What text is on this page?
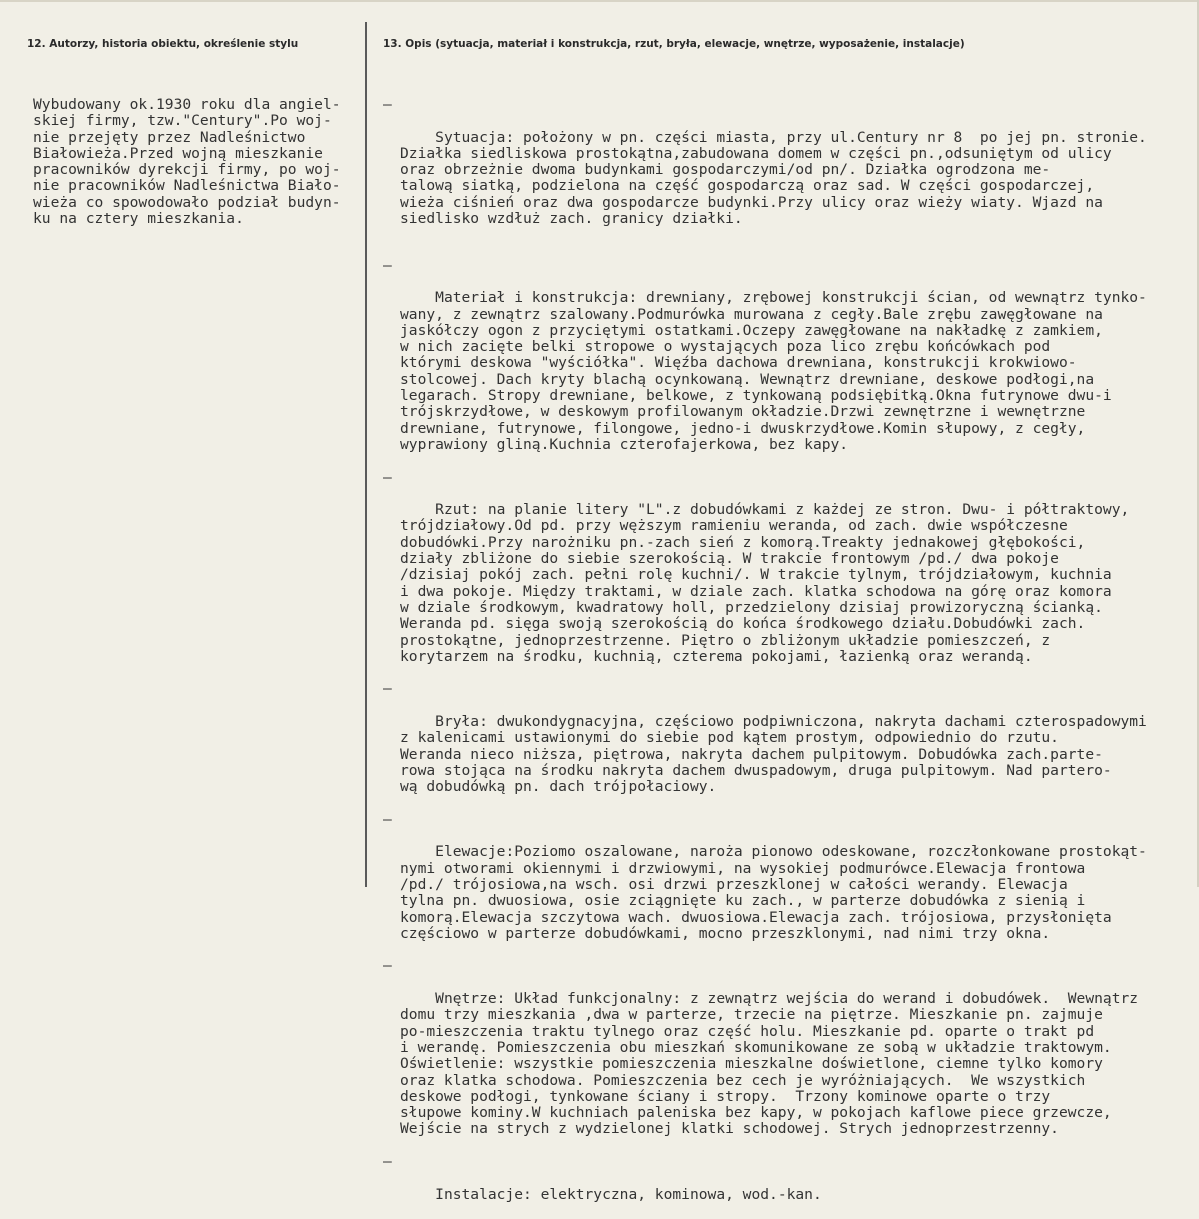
12. Autorzy, historia obiektu, określenie stylu	13. Opis (sytuacja, materiał i konstrukcja, rzut, bryła, elewacje, wnętrze, wyposażenie, instalacje)
Wybudowany ok.1930 roku dla angiel-
skiej firmy, tzw."Century".Po woj-
nie przejęty przez Nadleśnictwo
Białowieża.Przed wojną mieszkanie
pracowników dyrekcji firmy, po woj-
nie pracowników Nadleśnictwa Biało-
wieża co spowodowało podział budyn-
ku na cztery mieszkania.

–

Sytuacja: położony w pn. części miasta, przy ul.Century nr 8  po jej pn. stronie.
Działka siedliskowa prostokątna,zabudowana domem w części pn.,odsuniętym od ulicy
oraz obrzeżnie dwoma budynkami gospodarczymi/od pn/. Działka ogrodzona me-
talową siatką, podzielona na część gospodarczą oraz sad. W części gospodarczej,
wieża ciśnień oraz dwa gospodarcze budynki.Przy ulicy oraz wieży wiaty. Wjazd na
siedlisko wzdłuż zach. granicy działki.

–

Materiał i konstrukcja: drewniany, zrębowej konstrukcji ścian, od wewnątrz tynko-
wany, z zewnątrz szalowany.Podmurówka murowana z cegły.Bale zrębu zawęgłowane na
jaskółczy ogon z przyciętymi ostatkami.Oczepy zawęgłowane na nakładkę z zamkiem,
w nich zacięte belki stropowe o wystających poza lico zrębu końcówkach pod
którymi deskowa "wyściółka". Więźba dachowa drewniana, konstrukcji krokwiowo-
stolcowej. Dach kryty blachą ocynkowaną. Wewnątrz drewniane, deskowe podłogi,na
legarach. Stropy drewniane, belkowe, z tynkowaną podsiębitką.Okna futrynowe dwu-i
trójskrzydłowe, w deskowym profilowanym okładzie.Drzwi zewnętrzne i wewnętrzne
drewniane, futrynowe, filongowe, jedno-i dwuskrzydłowe.Komin słupowy, z cegły,
wyprawiony gliną.Kuchnia czterofajerkowa, bez kapy.

–

Rzut: na planie litery "L".z dobudówkami z każdej ze stron. Dwu- i półtraktowy,
trójdziałowy.Od pd. przy węższym ramieniu weranda, od zach. dwie współczesne
dobudówki.Przy narożniku pn.-zach sień z komorą.Treakty jednakowej głębokości,
działy zbliżone do siebie szerokością. W trakcie frontowym /pd./ dwa pokoje
/dzisiaj pokój zach. pełni rolę kuchni/. W trakcie tylnym, trójdziałowym, kuchnia
i dwa pokoje. Między traktami, w dziale zach. klatka schodowa na górę oraz komora
w dziale środkowym, kwadratowy holl, przedzielony dzisiaj prowizoryczną ścianką.
Weranda pd. sięga swoją szerokością do końca środkowego działu.Dobudówki zach.
prostokątne, jednoprzestrzenne. Piętro o zbliżonym układzie pomieszczeń, z
korytarzem na środku, kuchnią, czterema pokojami, łazienką oraz werandą.

–

Bryła: dwukondygnacyjna, częściowo podpiwniczona, nakryta dachami czterospadowymi
z kalenicami ustawionymi do siebie pod kątem prostym, odpowiednio do rzutu.
Weranda nieco niższa, piętrowa, nakryta dachem pulpitowym. Dobudówka zach.parte-
rowa stojąca na środku nakryta dachem dwuspadowym, druga pulpitowym. Nad partero-
wą dobudówką pn. dach trójpołaciowy.

–

Elewacje:Poziomo oszalowane, naroża pionowo odeskowane, rozczłonkowane prostokąt-
nymi otworami okiennymi i drzwiowymi, na wysokiej podmurówce.Elewacja frontowa
/pd./ trójosiowa,na wsch. osi drzwi przeszklonej w całości werandy. Elewacja
tylna pn. dwuosiowa, osie zciągnięte ku zach., w parterze dobudówka z sienią i
komorą.Elewacja szczytowa wach. dwuosiowa.Elewacja zach. trójosiowa, przysłonięta
częściowo w parterze dobudówkami, mocno przeszklonymi, nad nimi trzy okna.

–

Wnętrze: Układ funkcjonalny: z zewnątrz wejścia do werand i dobudówek.  Wewnątrz
domu trzy mieszkania ,dwa w parterze, trzecie na piętrze. Mieszkanie pn. zajmuje
po-mieszczenia traktu tylnego oraz część holu. Mieszkanie pd. oparte o trakt pd
i werandę. Pomieszczenia obu mieszkań skomunikowane ze sobą w układzie traktowym.
Oświetlenie: wszystkie pomieszczenia mieszkalne doświetlone, ciemne tylko komory
oraz klatka schodowa. Pomieszczenia bez cech je wyróżniających.  We wszystkich
deskowe podłogi, tynkowane ściany i stropy.  Trzony kominowe oparte o trzy
słupowe kominy.W kuchniach paleniska bez kapy, w pokojach kaflowe piece grzewcze,
Wejście na strych z wydzielonej klatki schodowej. Strych jednoprzestrzenny.

–

Instalacje: elektryczna, kominowa, wod.-kan.
